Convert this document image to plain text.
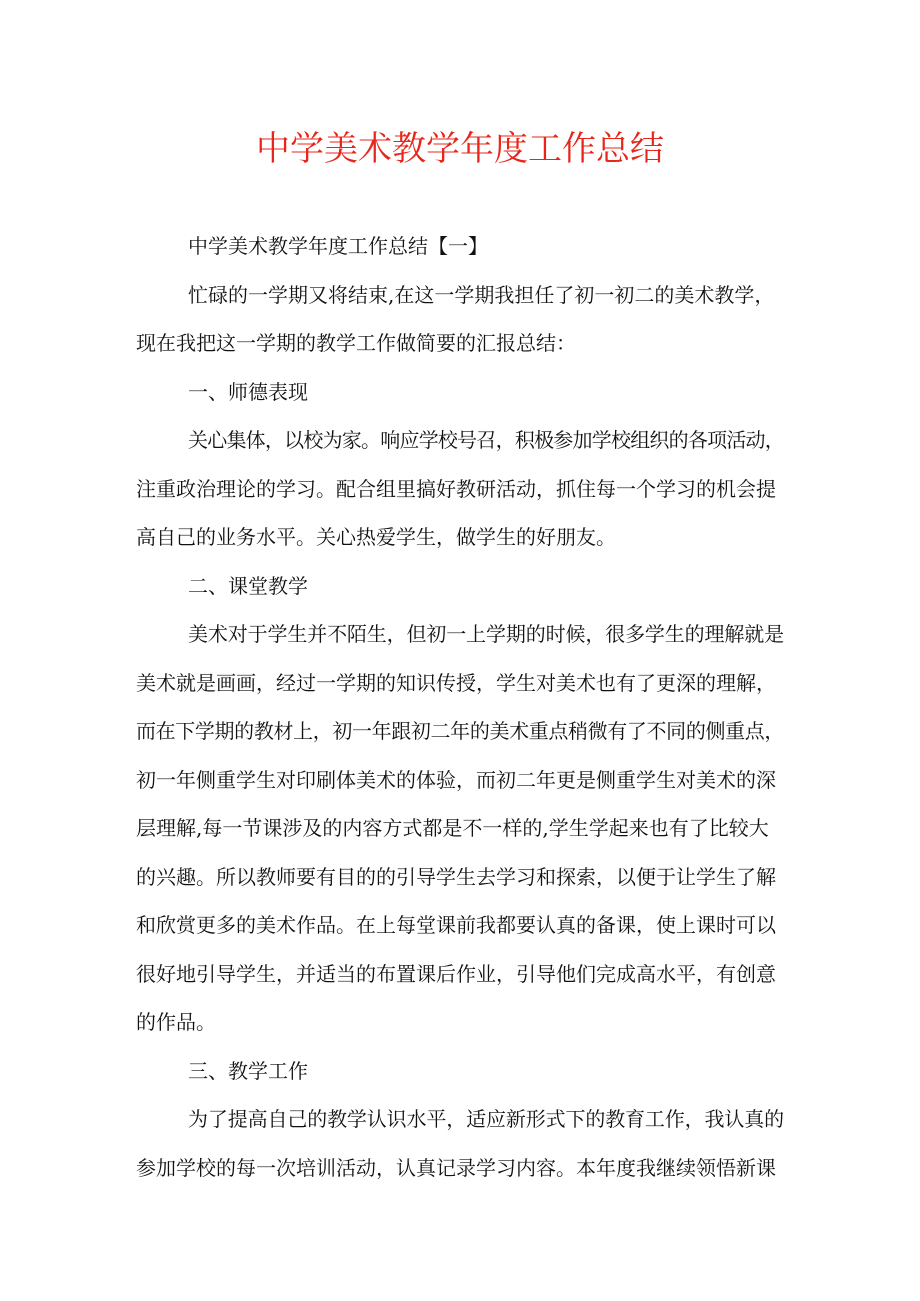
中学美术教学年度工作总结
中学美术教学年度工作总结【一】
忙碌的一学期又将结束,在这一学期我担任了初一初二的美术教学，
现在我把这一学期的教学工作做简要的汇报总结：
一、师德表现
关心集体，以校为家。响应学校号召，积极参加学校组织的各项活动，
注重政治理论的学习。配合组里搞好教研活动，抓住每一个学习的机会提
高自己的业务水平。关心热爱学生，做学生的好朋友。
二、课堂教学
美术对于学生并不陌生，但初一上学期的时候，很多学生的理解就是
美术就是画画，经过一学期的知识传授，学生对美术也有了更深的理解，
而在下学期的教材上，初一年跟初二年的美术重点稍微有了不同的侧重点，
初一年侧重学生对印刷体美术的体验，而初二年更是侧重学生对美术的深
层理解,每一节课涉及的内容方式都是不一样的,学生学起来也有了比较大
的兴趣。所以教师要有目的的引导学生去学习和探索，以便于让学生了解
和欣赏更多的美术作品。在上每堂课前我都要认真的备课，使上课时可以
很好地引导学生，并适当的布置课后作业，引导他们完成高水平，有创意
的作品。
三、教学工作
为了提高自己的教学认识水平，适应新形式下的教育工作，我认真的
参加学校的每一次培训活动，认真记录学习内容。本年度我继续领悟新课
